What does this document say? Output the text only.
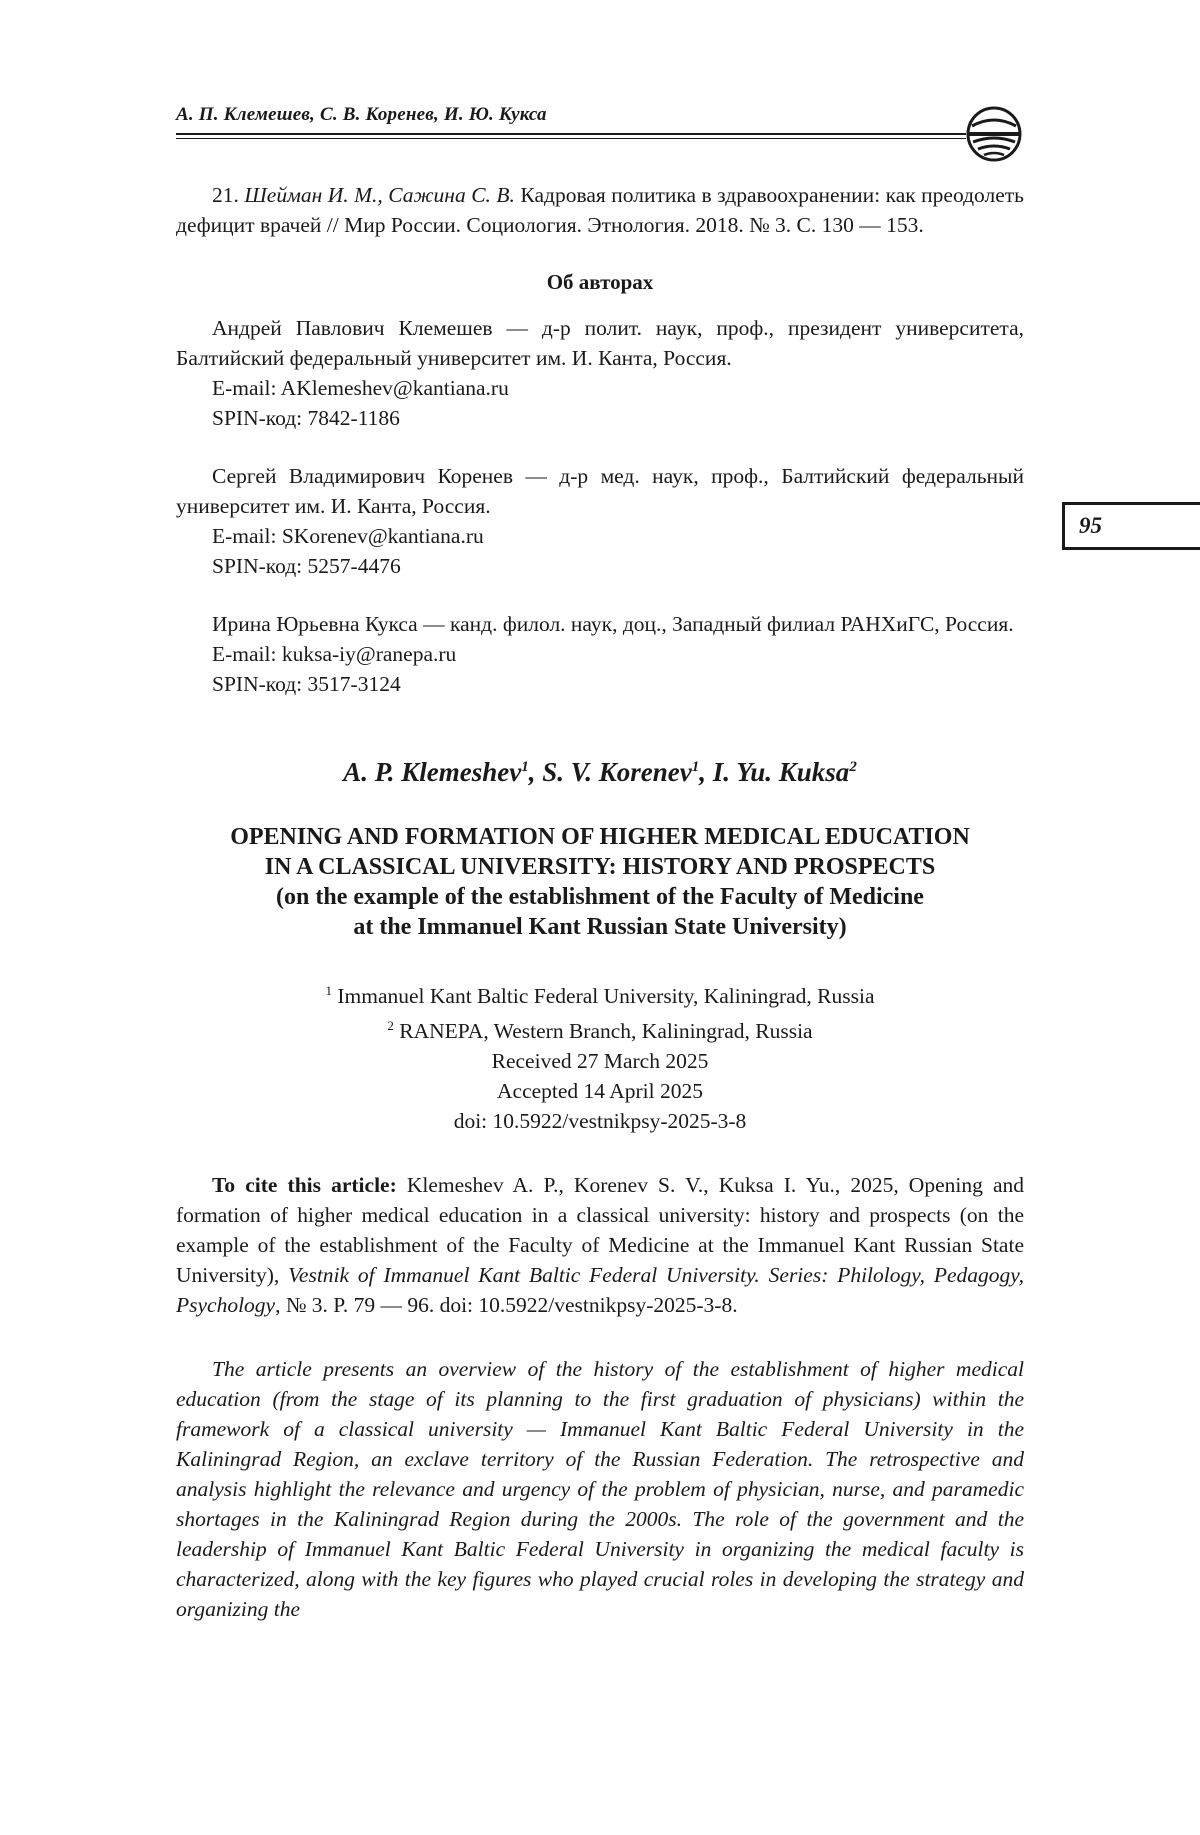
А. П. Клемешев, С. В. Коренев, И. Ю. Кукса
95

21. Шейман И. М., Сажина С. В. Кадровая политика в здравоохранении: как преодолеть дефицит врачей // Мир России. Социология. Этнология. 2018. № 3. С. 130 — 153.

Об авторах

Андрей Павлович Клемешев — д-р полит. наук, проф., президент университета, Балтийский федеральный университет им. И. Канта, Россия.

E-mail: AKlemeshev@kantiana.ru

SPIN-код: 7842-1186

Сергей Владимирович Коренев — д-р мед. наук, проф., Балтийский федеральный университет им. И. Канта, Россия.

E-mail: SKorenev@kantiana.ru

SPIN-код: 5257-4476

Ирина Юрьевна Кукса — канд. филол. наук, доц., Западный филиал РАНХиГС, Россия.

E-mail: kuksa-iy@ranepa.ru

SPIN-код: 3517-3124

A. P. Klemeshev$^1$, S. V. Korenev$^1$, I. Yu. Kuksa$^2$

OPENING AND FORMATION OF HIGHER MEDICAL EDUCATION

IN A CLASSICAL UNIVERSITY: HISTORY AND PROSPECTS

(on the example of the establishment of the Faculty of Medicine

at the Immanuel Kant Russian State University)

$^1$ Immanuel Kant Baltic Federal University, Kaliningrad, Russia

$^2$ RANEPA, Western Branch, Kaliningrad, Russia

Received 27 March 2025

Accepted 14 April 2025

doi: 10.5922/vestnikpsy-2025-3-8

To cite this article: Klemeshev A. P., Korenev S. V., Kuksa I. Yu., 2025, Opening and formation of higher medical education in a classical university: history and prospects (on the example of the establishment of the Faculty of Medicine at the Immanuel Kant Russian State University), Vestnik of Immanuel Kant Baltic Federal University. Series: Philology, Pedagogy, Psychology, № 3. P. 79 — 96. doi: 10.5922/vestnikpsy-2025-3-8.

The article presents an overview of the history of the establishment of higher medical education (from the stage of its planning to the first graduation of physicians) within the framework of a classical university — Immanuel Kant Baltic Federal University in the Kaliningrad Region, an exclave territory of the Russian Federation. The retrospective and analysis highlight the relevance and urgency of the problem of physician, nurse, and paramedic shortages in the Kaliningrad Region during the 2000s. The role of the government and the leadership of Immanuel Kant Baltic Federal University in organizing the medical faculty is characterized, along with the key figures who played crucial roles in developing the strategy and organizing the
